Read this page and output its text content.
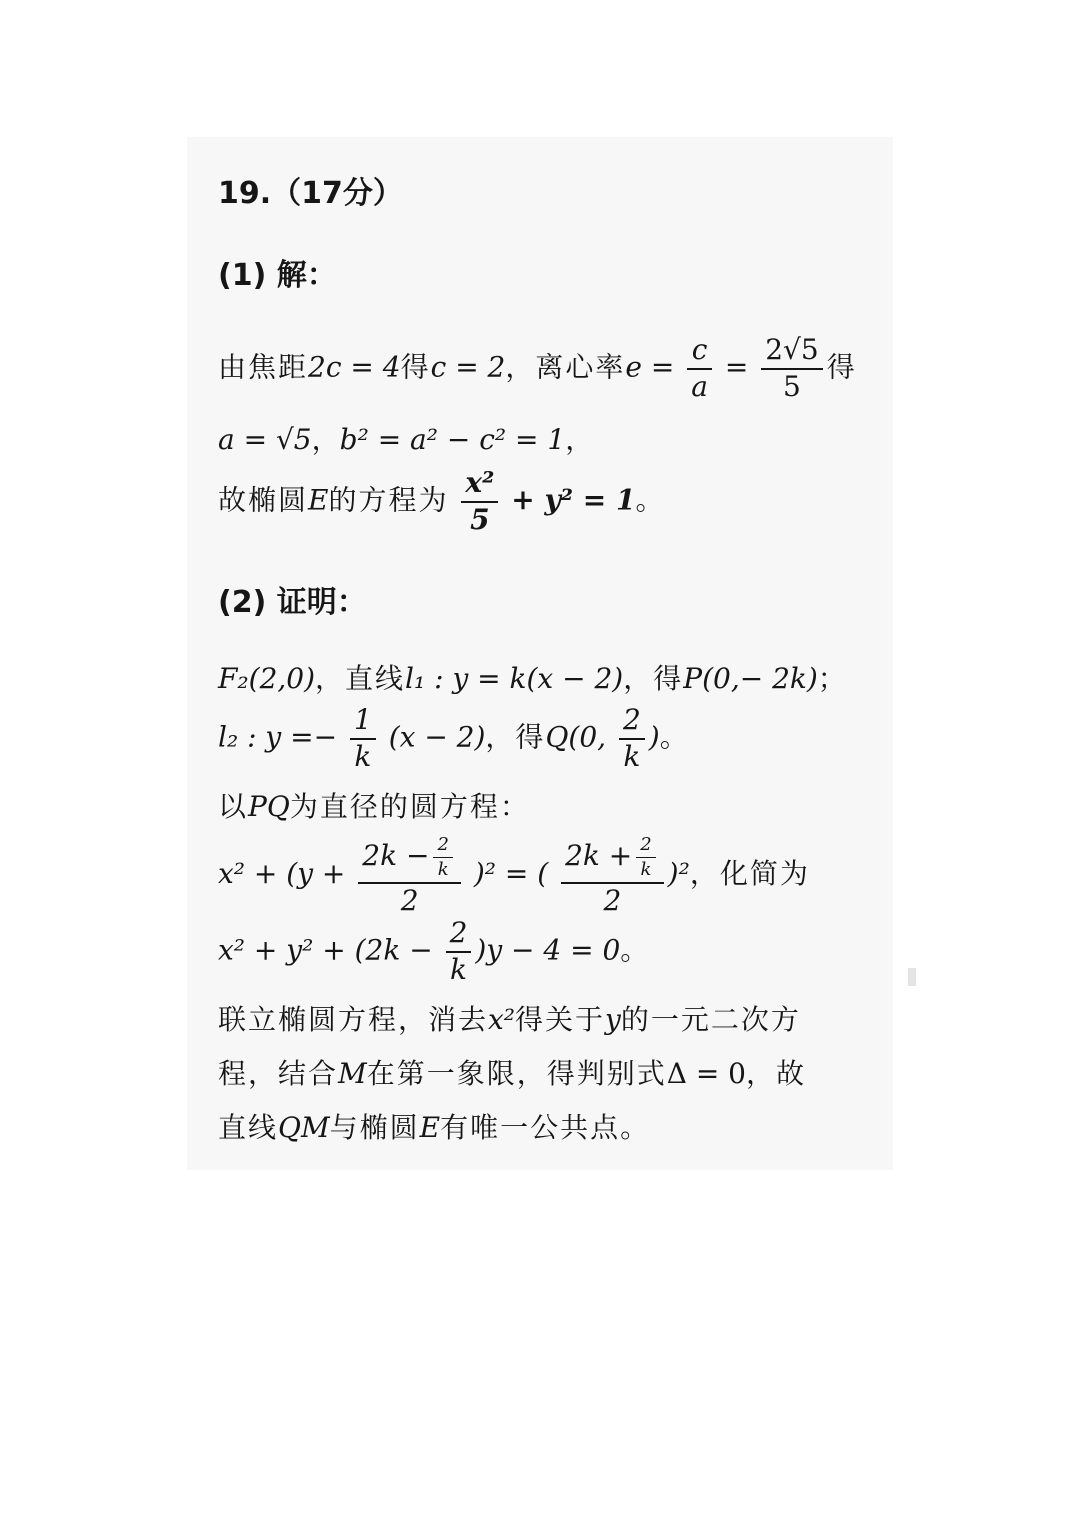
19.（17分）
(1) 解：
由焦距2c = 4得c = 2，离心率$e = \frac{c}{a} = \frac{2√5}{5}$ 得
a = √5，b² = a² − c² = 1，
故椭圆E的方程为 $\frac{\text{x²}}{5} + y^2 = 1$。
(2) 证明：
F₂(2,0)，直线l₁ : y = k(x − 2)，得P(0,− 2k)；
l₂ : $y =- \frac{1}{k} (x - 2)$，得Q(0, $\frac{2}{k}$ )。
以PQ为直径的圆方程：
$x^2 + (y + \frac{2k - \frac{2}{k}}{2} )^2$ = ( $\frac{2k + \frac{2}{k}}{2} )^2$，化简为
$x^2 + y^2 + (2k - \frac{2}{k} )y - 4 = 0$。
联立椭圆方程，消去x²得关于y的一元二次方
程，结合M在第一象限，得判别式Δ = 0，故
直线QM与椭圆E有唯一公共点。
